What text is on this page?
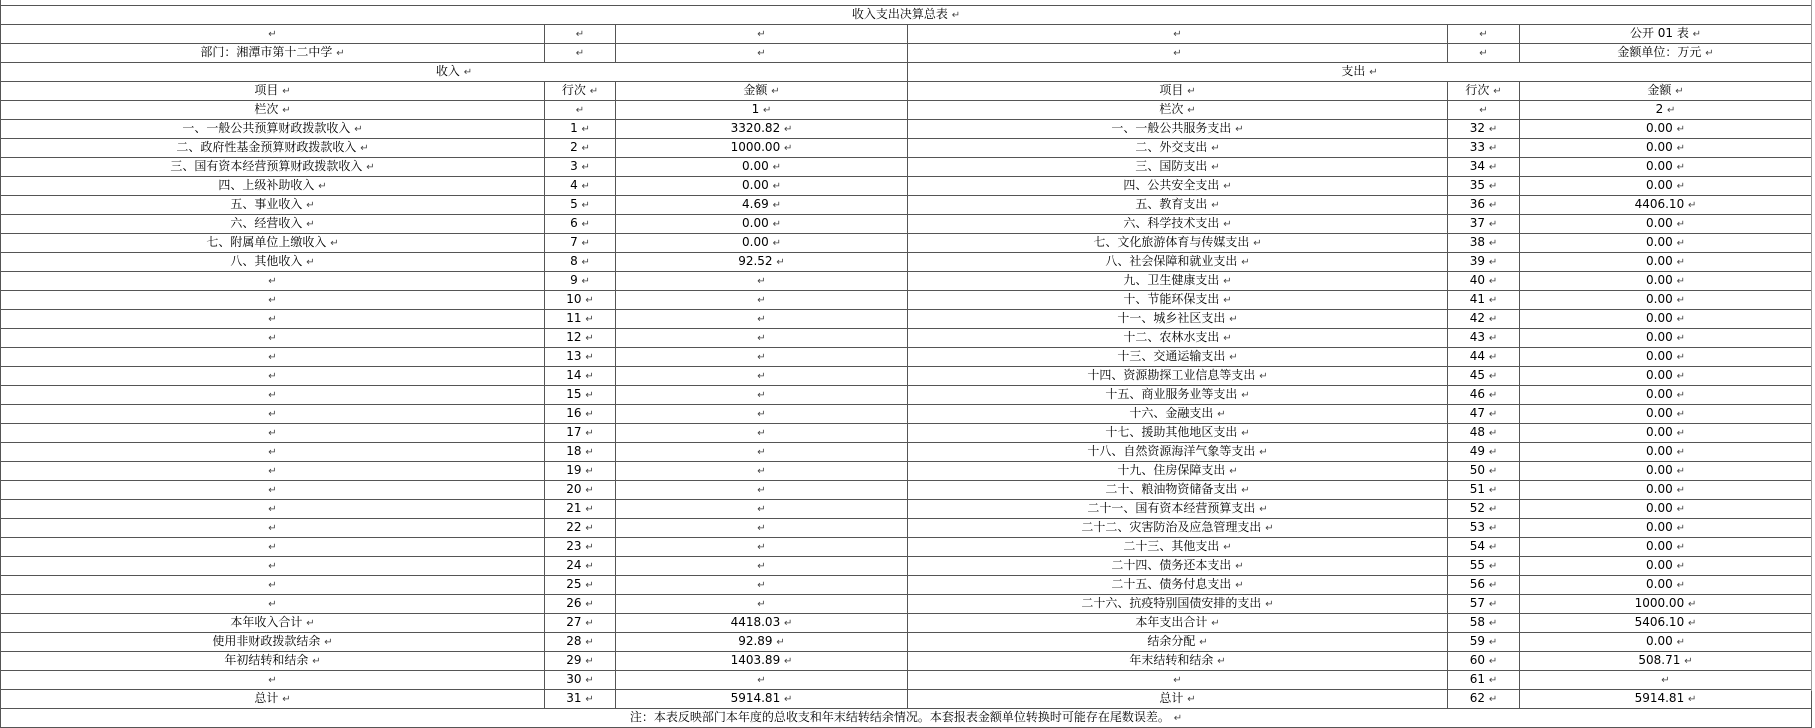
收入支出决算总表 ↵					
↵	↵	↵	↵	↵	公开 01 表 ↵
部门：湘潭市第十二中学 ↵	↵	↵	↵	↵	金额单位：万元 ↵
收入 ↵			支出 ↵		
项目 ↵	行次 ↵	金额 ↵	项目 ↵	行次 ↵	金额 ↵
栏次 ↵	↵	1 ↵	栏次 ↵	↵	2 ↵
一、一般公共预算财政拨款收入 ↵	1 ↵	3320.82 ↵	一、一般公共服务支出 ↵	32 ↵	0.00 ↵
二、政府性基金预算财政拨款收入 ↵	2 ↵	1000.00 ↵	二、外交支出 ↵	33 ↵	0.00 ↵
三、国有资本经营预算财政拨款收入 ↵	3 ↵	0.00 ↵	三、国防支出 ↵	34 ↵	0.00 ↵
四、上级补助收入 ↵	4 ↵	0.00 ↵	四、公共安全支出 ↵	35 ↵	0.00 ↵
五、事业收入 ↵	5 ↵	4.69 ↵	五、教育支出 ↵	36 ↵	4406.10 ↵
六、经营收入 ↵	6 ↵	0.00 ↵	六、科学技术支出 ↵	37 ↵	0.00 ↵
七、附属单位上缴收入 ↵	7 ↵	0.00 ↵	七、文化旅游体育与传媒支出 ↵	38 ↵	0.00 ↵
八、其他收入 ↵	8 ↵	92.52 ↵	八、社会保障和就业支出 ↵	39 ↵	0.00 ↵
↵	9 ↵	↵	九、卫生健康支出 ↵	40 ↵	0.00 ↵
↵	10 ↵	↵	十、节能环保支出 ↵	41 ↵	0.00 ↵
↵	11 ↵	↵	十一、城乡社区支出 ↵	42 ↵	0.00 ↵
↵	12 ↵	↵	十二、农林水支出 ↵	43 ↵	0.00 ↵
↵	13 ↵	↵	十三、交通运输支出 ↵	44 ↵	0.00 ↵
↵	14 ↵	↵	十四、资源勘探工业信息等支出 ↵	45 ↵	0.00 ↵
↵	15 ↵	↵	十五、商业服务业等支出 ↵	46 ↵	0.00 ↵
↵	16 ↵	↵	十六、金融支出 ↵	47 ↵	0.00 ↵
↵	17 ↵	↵	十七、援助其他地区支出 ↵	48 ↵	0.00 ↵
↵	18 ↵	↵	十八、自然资源海洋气象等支出 ↵	49 ↵	0.00 ↵
↵	19 ↵	↵	十九、住房保障支出 ↵	50 ↵	0.00 ↵
↵	20 ↵	↵	二十、粮油物资储备支出 ↵	51 ↵	0.00 ↵
↵	21 ↵	↵	二十一、国有资本经营预算支出 ↵	52 ↵	0.00 ↵
↵	22 ↵	↵	二十二、灾害防治及应急管理支出 ↵	53 ↵	0.00 ↵
↵	23 ↵	↵	二十三、其他支出 ↵	54 ↵	0.00 ↵
↵	24 ↵	↵	二十四、债务还本支出 ↵	55 ↵	0.00 ↵
↵	25 ↵	↵	二十五、债务付息支出 ↵	56 ↵	0.00 ↵
↵	26 ↵	↵	二十六、抗疫特别国债安排的支出 ↵	57 ↵	1000.00 ↵
本年收入合计 ↵	27 ↵	4418.03 ↵	本年支出合计 ↵	58 ↵	5406.10 ↵
使用非财政拨款结余 ↵	28 ↵	92.89 ↵	结余分配 ↵	59 ↵	0.00 ↵
年初结转和结余 ↵	29 ↵	1403.89 ↵	年末结转和结余 ↵	60 ↵	508.71 ↵
↵	30 ↵	↵	↵	61 ↵	↵
总计 ↵	31 ↵	5914.81 ↵	总计 ↵	62 ↵	5914.81 ↵
注：本表反映部门本年度的总收支和年末结转结余情况。本套报表金额单位转换时可能存在尾数误差。 ↵					
